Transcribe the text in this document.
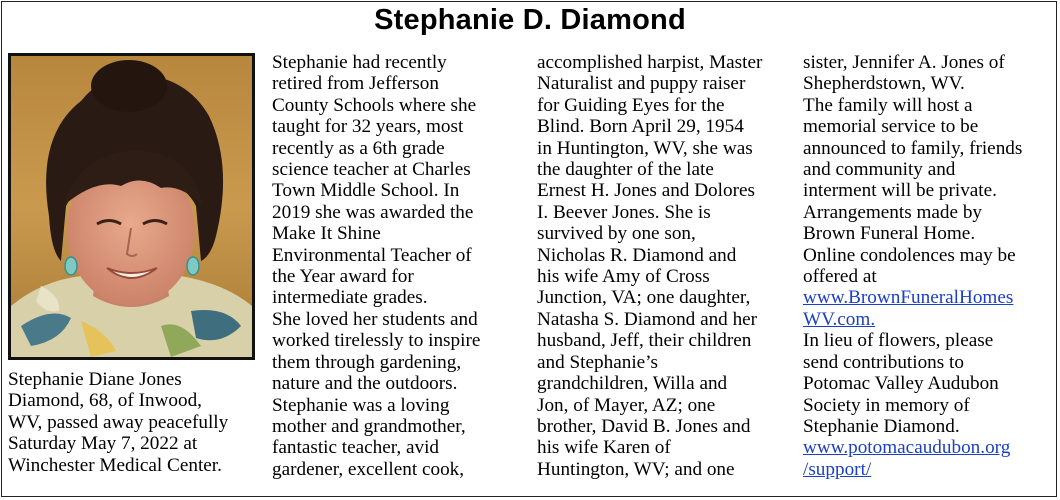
Stephanie D. Diamond
Stephanie Diane Jones
Diamond, 68, of Inwood,
WV, passed away peacefully
Saturday May 7, 2022 at
Winchester Medical Center.
Stephanie had recently
retired from Jefferson
County Schools where she
taught for 32 years, most
recently as a 6th grade
science teacher at Charles
Town Middle School. In
2019 she was awarded the
Make It Shine
Environmental Teacher of
the Year award for
intermediate grades.
She loved her students and
worked tirelessly to inspire
them through gardening,
nature and the outdoors.
Stephanie was a loving
mother and grandmother,
fantastic teacher, avid
gardener, excellent cook,
accomplished harpist, Master
Naturalist and puppy raiser
for Guiding Eyes for the
Blind. Born April 29, 1954
in Huntington, WV, she was
the daughter of the late
Ernest H. Jones and Dolores
I. Beever Jones. She is
survived by one son,
Nicholas R. Diamond and
his wife Amy of Cross
Junction, VA; one daughter,
Natasha S. Diamond and her
husband, Jeff, their children
and Stephanie’s
grandchildren, Willa and
Jon, of Mayer, AZ; one
brother, David B. Jones and
his wife Karen of
Huntington, WV; and one
sister, Jennifer A. Jones of
Shepherdstown, WV.
The family will host a
memorial service to be
announced to family, friends
and community and
interment will be private.
Arrangements made by
Brown Funeral Home.
Online condolences may be
offered at
www.BrownFuneralHomes
WV.com.
In lieu of flowers, please
send contributions to
Potomac Valley Audubon
Society in memory of
Stephanie Diamond.
www.potomacaudubon.org
/support/
